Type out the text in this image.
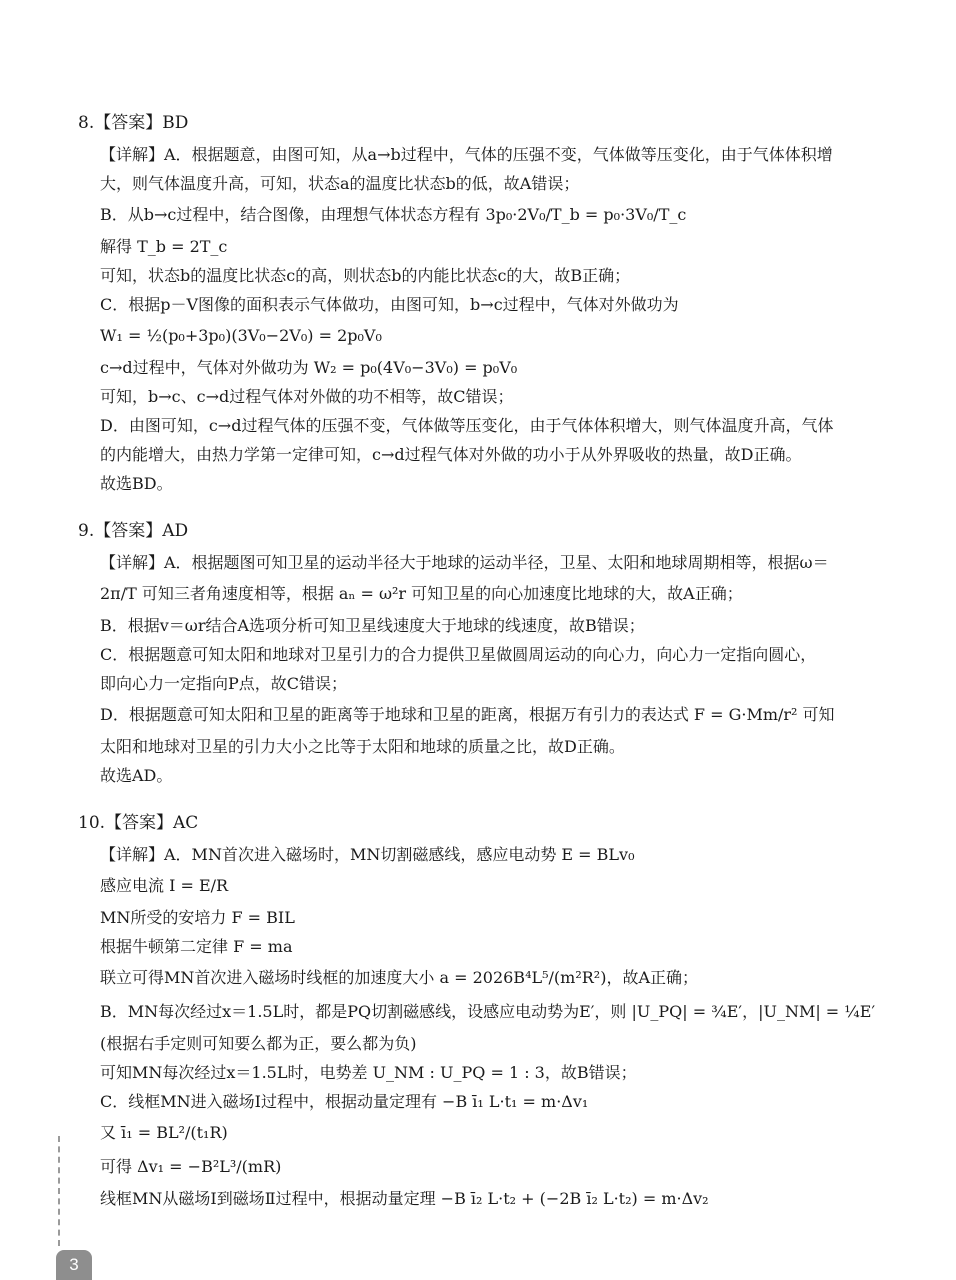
8.【答案】BD
【详解】A．根据题意，由图可知，从a→b过程中，气体的压强不变，气体做等压变化，由于气体体积增
大，则气体温度升高，可知，状态a的温度比状态b的低，故A错误；
B．从b→c过程中，结合图像，由理想气体状态方程有 3p₀·2V₀/T_b = p₀·3V₀/T_c
解得 T_b = 2T_c
可知，状态b的温度比状态c的高，则状态b的内能比状态c的大，故B正确；
C．根据p－V图像的面积表示气体做功，由图可知，b→c过程中，气体对外做功为
W₁ = ½(p₀+3p₀)(3V₀−2V₀) = 2p₀V₀
c→d过程中，气体对外做功为 W₂ = p₀(4V₀−3V₀) = p₀V₀
可知，b→c、c→d过程气体对外做的功不相等，故C错误；
D．由图可知，c→d过程气体的压强不变，气体做等压变化，由于气体体积增大，则气体温度升高，气体
的内能增大，由热力学第一定律可知，c→d过程气体对外做的功小于从外界吸收的热量，故D正确。
故选BD。
9.【答案】AD
【详解】A．根据题图可知卫星的运动半径大于地球的运动半径，卫星、太阳和地球周期相等，根据ω＝
2π/T 可知三者角速度相等，根据 aₙ = ω²r 可知卫星的向心加速度比地球的大，故A正确；
B．根据v＝ωr结合A选项分析可知卫星线速度大于地球的线速度，故B错误；
C．根据题意可知太阳和地球对卫星引力的合力提供卫星做圆周运动的向心力，向心力一定指向圆心，
即向心力一定指向P点，故C错误；
D．根据题意可知太阳和卫星的距离等于地球和卫星的距离，根据万有引力的表达式 F = G·Mm/r² 可知
太阳和地球对卫星的引力大小之比等于太阳和地球的质量之比，故D正确。
故选AD。
10.【答案】AC
【详解】A．MN首次进入磁场时，MN切割磁感线，感应电动势 E = BLv₀
感应电流 I = E/R
MN所受的安培力 F = BIL
根据牛顿第二定律 F = ma
联立可得MN首次进入磁场时线框的加速度大小 a = 2026B⁴L⁵/(m²R²)，故A正确；
B．MN每次经过x＝1.5L时，都是PQ切割磁感线，设感应电动势为E′，则 |U_PQ| = ¾E′，|U_NM| = ¼E′
(根据右手定则可知要么都为正，要么都为负)
可知MN每次经过x＝1.5L时，电势差 U_NM : U_PQ = 1 : 3，故B错误；
C．线框MN进入磁场Ⅰ过程中，根据动量定理有 −B ī₁ L·t₁ = m·Δv₁
又 ī₁ = BL²/(t₁R)
可得 Δv₁ = −B²L³/(mR)
线框MN从磁场Ⅰ到磁场Ⅱ过程中，根据动量定理 −B ī₂ L·t₂ + (−2B ī₂ L·t₂) = m·Δv₂
3
